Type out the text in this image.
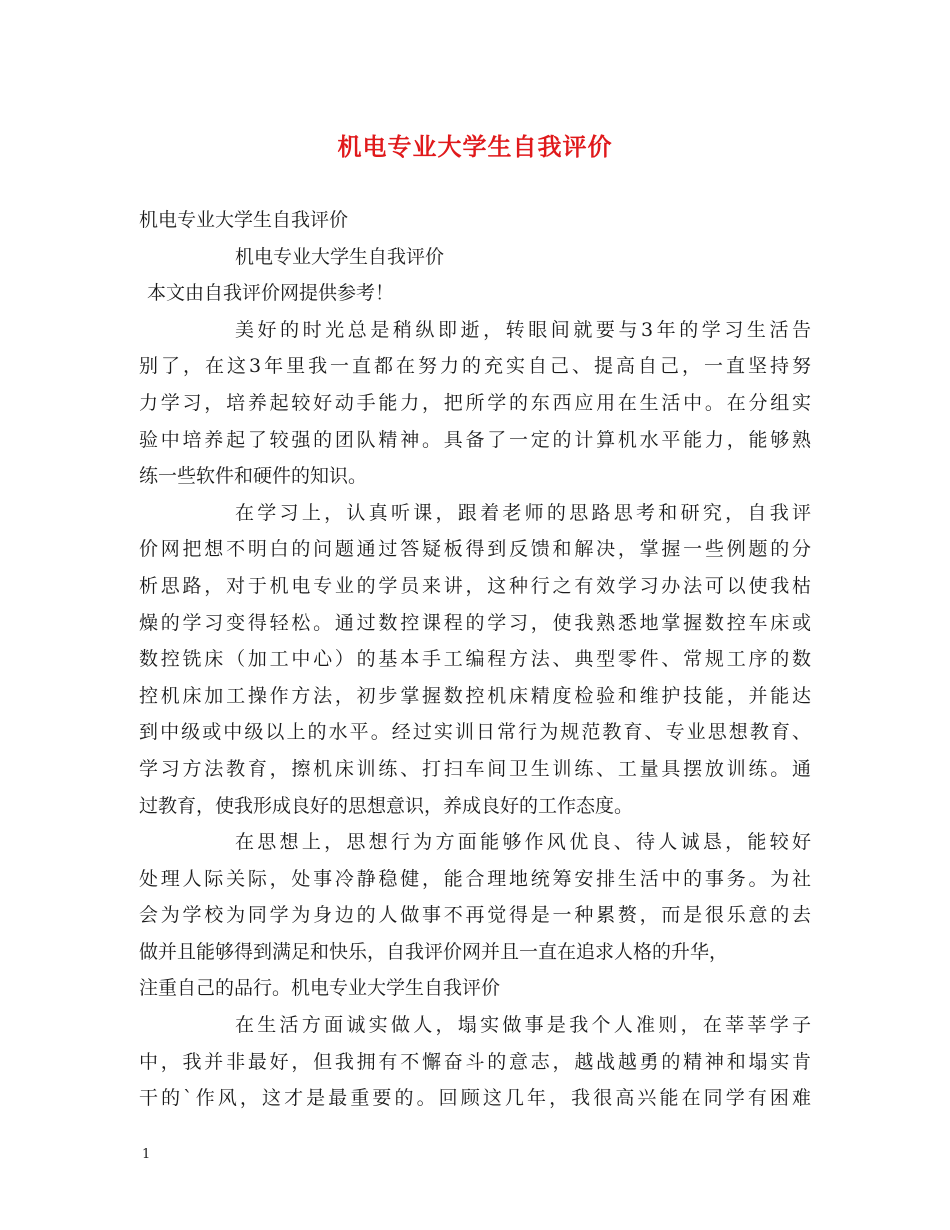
机电专业大学生自我评价
机电专业大学生自我评价
机电专业大学生自我评价
本文由自我评价网提供参考！
美好的时光总是稍纵即逝，转眼间就要与3年的学习生活告
别了，在这3年里我一直都在努力的充实自己、提高自己，一直坚持努
力学习，培养起较好动手能力，把所学的东西应用在生活中。在分组实
验中培养起了较强的团队精神。具备了一定的计算机水平能力，能够熟
练一些软件和硬件的知识。
在学习上，认真听课，跟着老师的思路思考和研究，自我评
价网把想不明白的问题通过答疑板得到反馈和解决，掌握一些例题的分
析思路，对于机电专业的学员来讲，这种行之有效学习办法可以使我枯
燥的学习变得轻松。通过数控课程的学习，使我熟悉地掌握数控车床或
数控铣床（加工中心）的基本手工编程方法、典型零件、常规工序的数
控机床加工操作方法，初步掌握数控机床精度检验和维护技能，并能达
到中级或中级以上的水平。经过实训日常行为规范教育、专业思想教育、
学习方法教育，擦机床训练、打扫车间卫生训练、工量具摆放训练。通
过教育，使我形成良好的思想意识，养成良好的工作态度。
在思想上，思想行为方面能够作风优良、待人诚恳，能较好
处理人际关际，处事冷静稳健，能合理地统筹安排生活中的事务。为社
会为学校为同学为身边的人做事不再觉得是一种累赘，而是很乐意的去
做并且能够得到满足和快乐，自我评价网并且一直在追求人格的升华，
注重自己的品行。机电专业大学生自我评价
在生活方面诚实做人，塌实做事是我个人准则，在莘莘学子
中，我并非最好，但我拥有不懈奋斗的意志，越战越勇的精神和塌实肯
干的`作风，这才是最重要的。回顾这几年，我很高兴能在同学有困难
1
